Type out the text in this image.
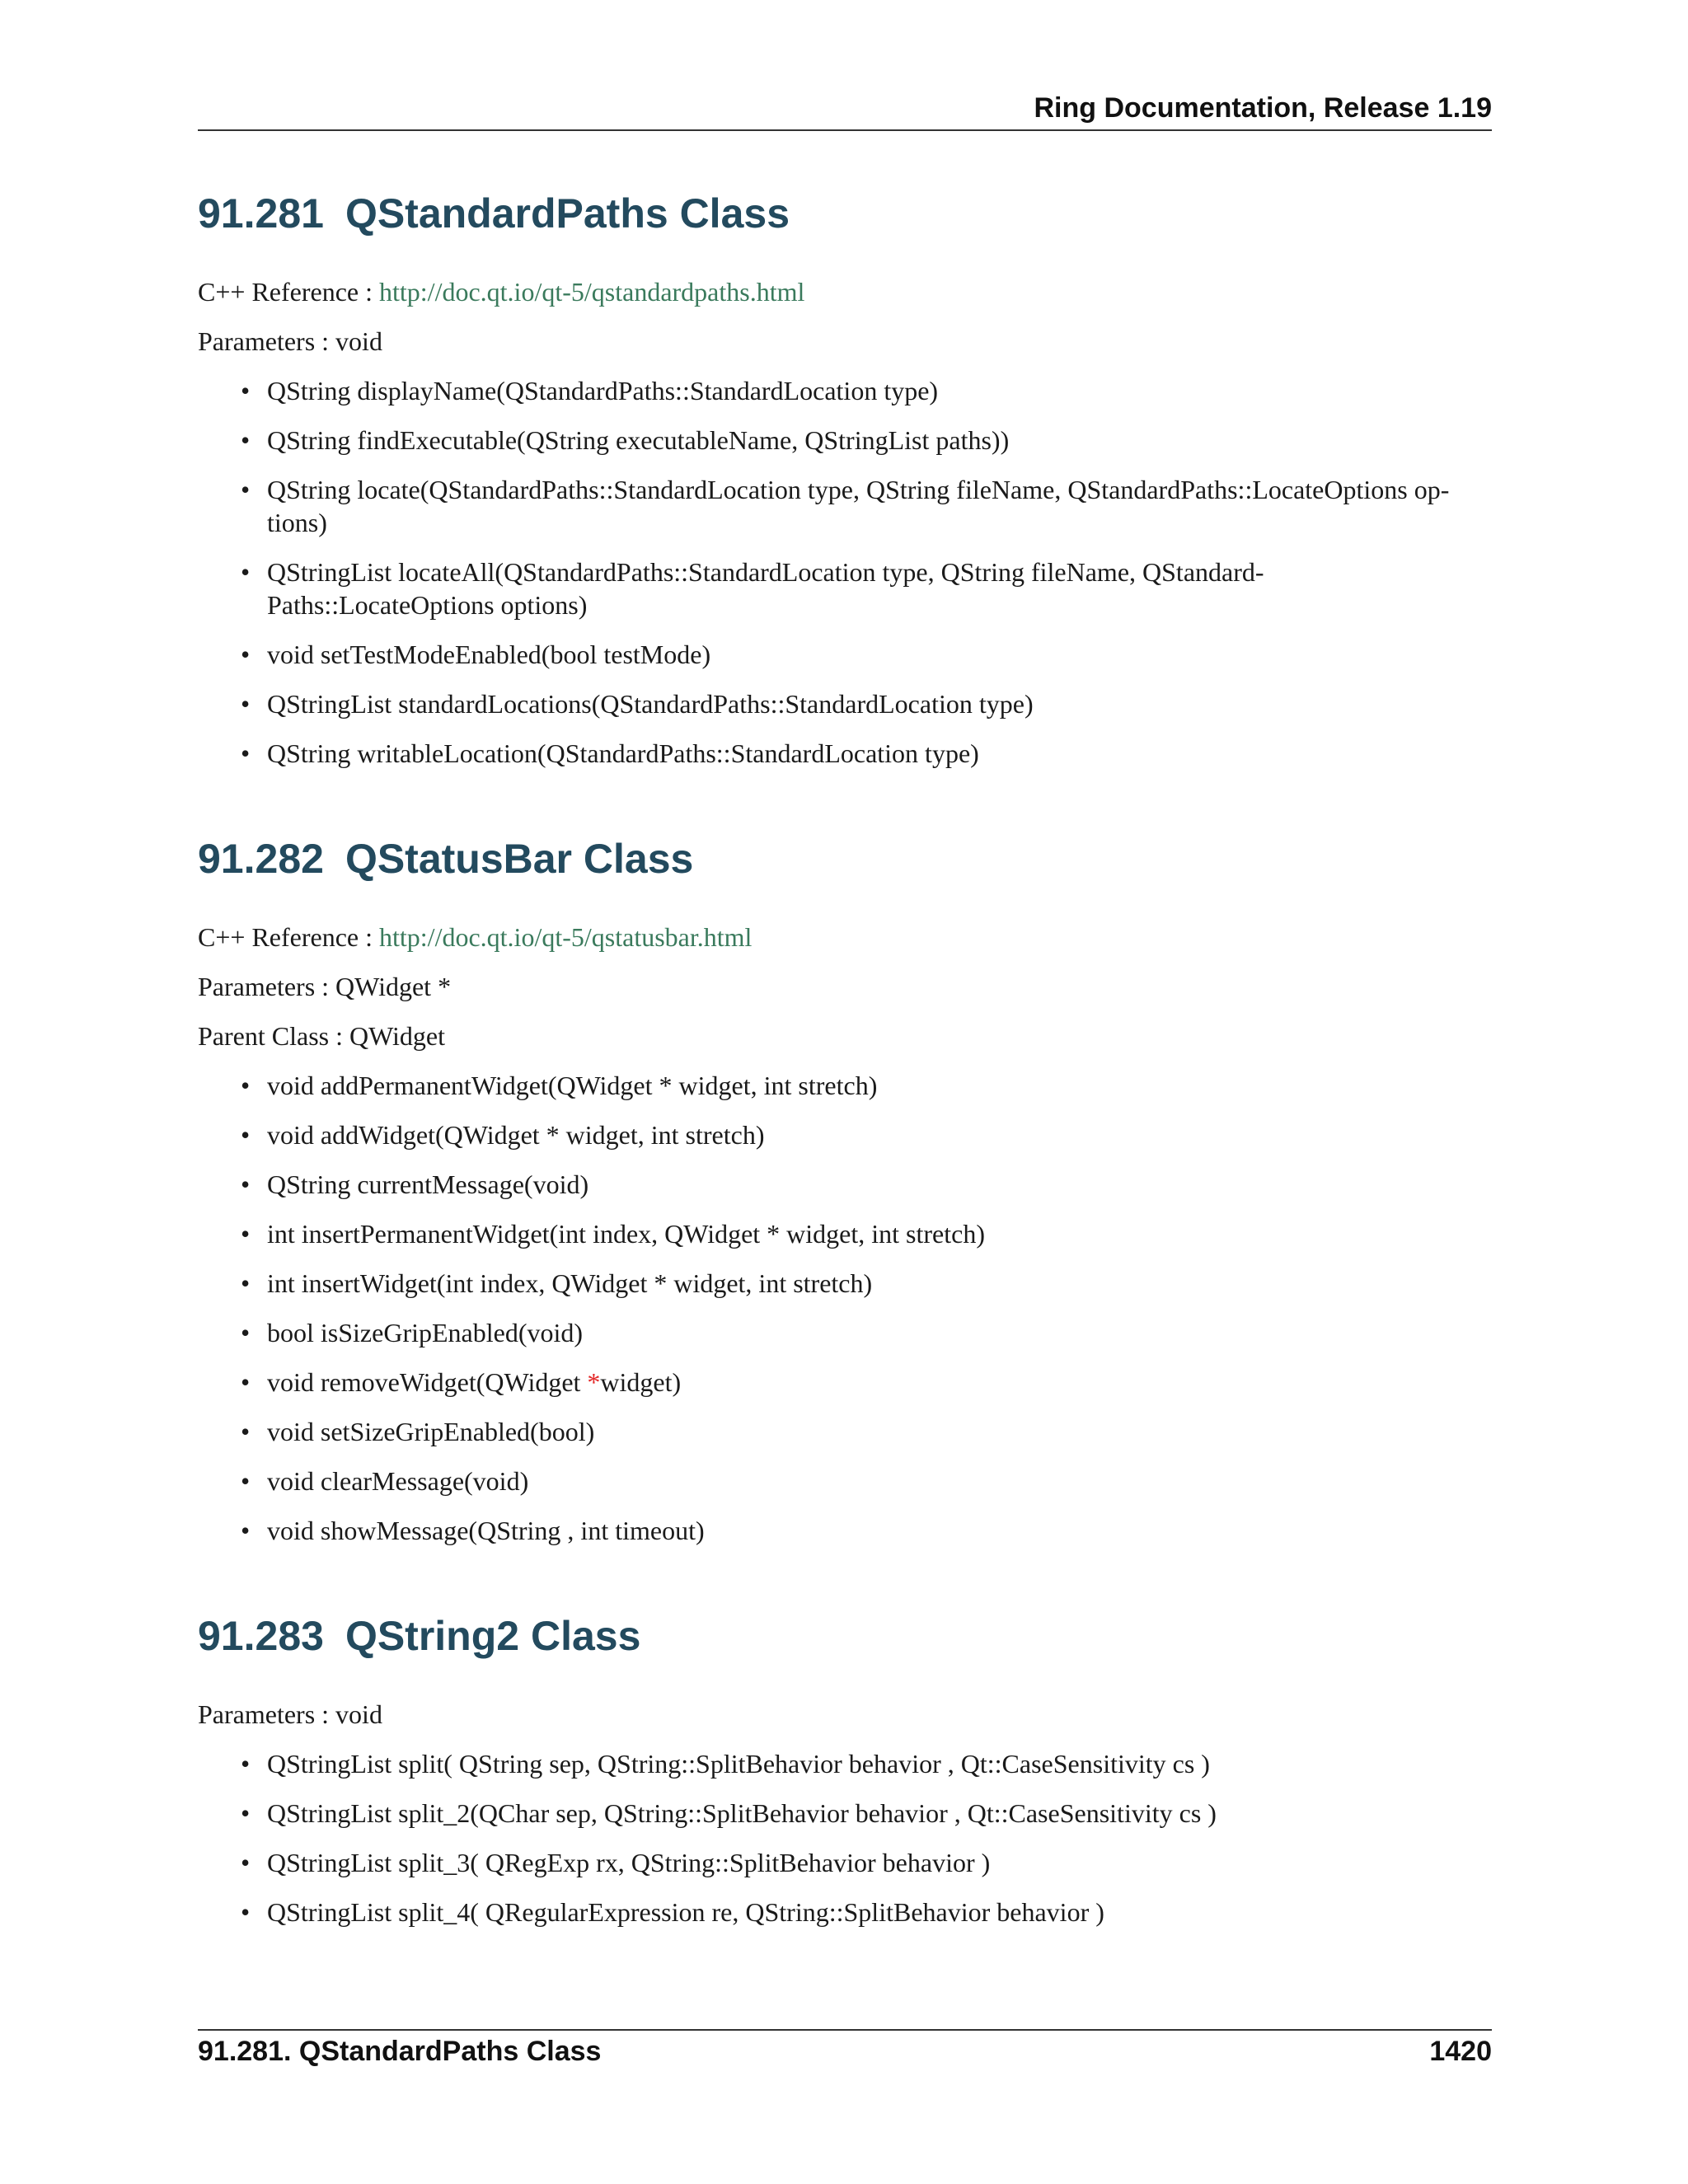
Ring Documentation, Release 1.19
91.281 QStandardPaths Class

C++ Reference : http://doc.qt.io/qt-5/qstandardpaths.html

Parameters : void

• QString displayName(QStandardPaths::StandardLocation type)
• QString findExecutable(QString executableName, QStringList paths))
• QString locate(QStandardPaths::StandardLocation type, QString fileName, QStandardPaths::LocateOptions op-
tions)
• QStringList locateAll(QStandardPaths::StandardLocation type, QString fileName, QStandard-
Paths::LocateOptions options)
• void setTestModeEnabled(bool testMode)
• QStringList standardLocations(QStandardPaths::StandardLocation type)
• QString writableLocation(QStandardPaths::StandardLocation type)
91.282 QStatusBar Class

C++ Reference : http://doc.qt.io/qt-5/qstatusbar.html

Parameters : QWidget *

Parent Class : QWidget

• void addPermanentWidget(QWidget * widget, int stretch)
• void addWidget(QWidget * widget, int stretch)
• QString currentMessage(void)
• int insertPermanentWidget(int index, QWidget * widget, int stretch)
• int insertWidget(int index, QWidget * widget, int stretch)
• bool isSizeGripEnabled(void)
• void removeWidget(QWidget *widget)
• void setSizeGripEnabled(bool)
• void clearMessage(void)
• void showMessage(QString , int timeout)
91.283 QString2 Class

Parameters : void

• QStringList split( QString sep, QString::SplitBehavior behavior , Qt::CaseSensitivity cs )
• QStringList split_2(QChar sep, QString::SplitBehavior behavior , Qt::CaseSensitivity cs )
• QStringList split_3( QRegExp rx, QString::SplitBehavior behavior )
• QStringList split_4( QRegularExpression re, QString::SplitBehavior behavior )
91.281. QStandardPaths Class	1420
